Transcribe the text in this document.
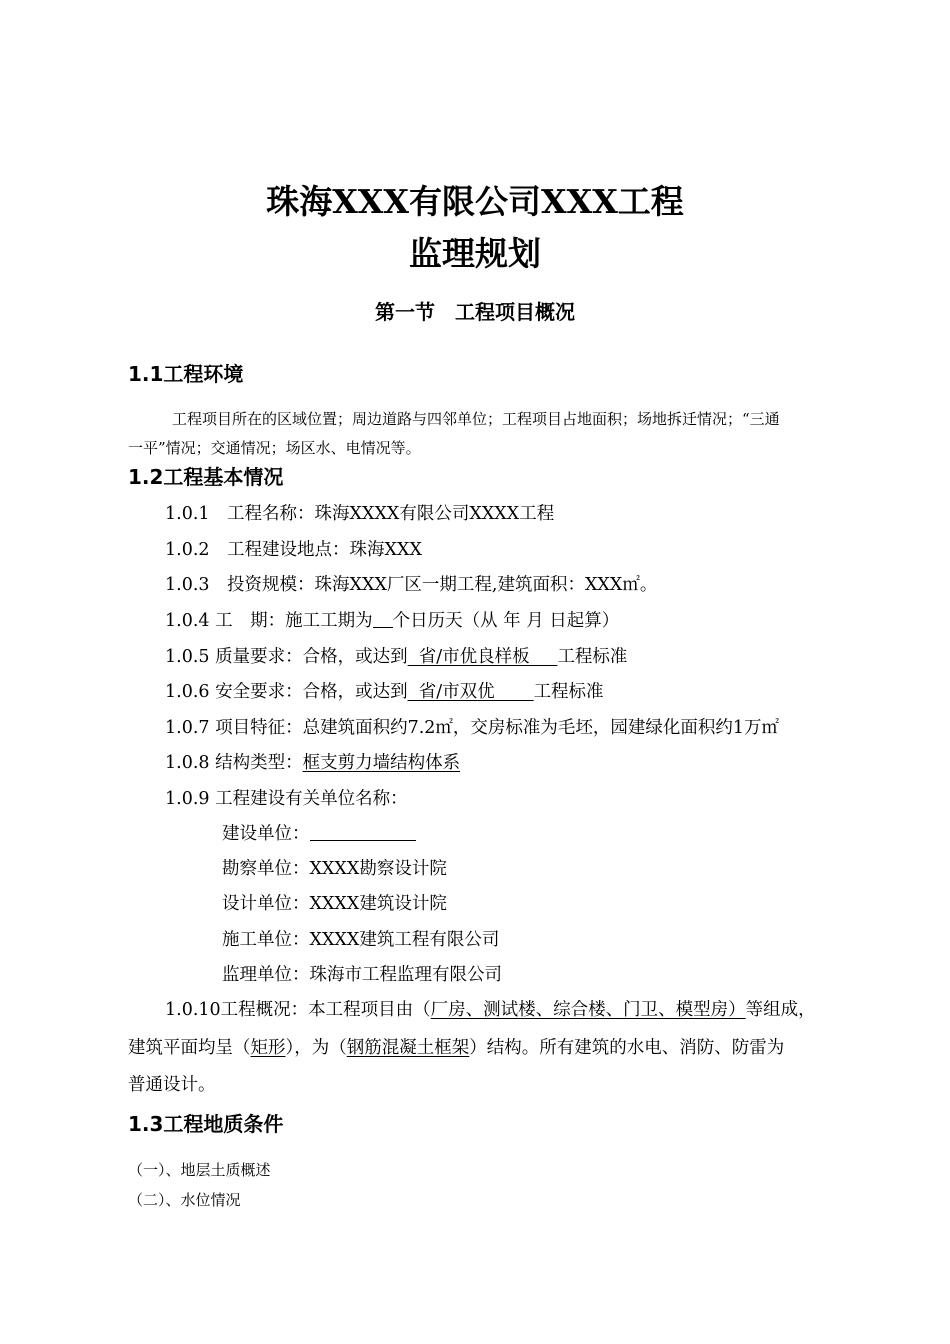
珠海XXX有限公司XXX工程
监理规划
第一节　工程项目概况
1.1工程环境
工程项目所在的区域位置；周边道路与四邻单位；工程项目占地面积；场地拆迁情况；“三通
一平”情况；交通情况；场区水、电情况等。
1.2工程基本情况
1.0.1　工程名称：珠海XXXX有限公司XXXX工程
1.0.2　工程建设地点：珠海XXX
1.0.3　投资规模：珠海XXX厂区一期工程,建筑面积：XXX㎡。
1.0.4 工　期：施工工期为 个日历天（从 年 月 日起算）
1.0.5 质量要求：合格，或达到  省/市优良样板     工程标准
1.0.6 安全要求：合格，或达到  省/市双优       工程标准
1.0.7 项目特征：总建筑面积约7.2㎡，交房标准为毛坯，园建绿化面积约1万㎡
1.0.8 结构类型：框支剪力墙结构体系
1.0.9 工程建设有关单位名称：
建设单位：
勘察单位：XXXX勘察设计院
设计单位：XXXX建筑设计院
施工单位：XXXX建筑工程有限公司
监理单位：珠海市工程监理有限公司
1.0.10工程概况：本工程项目由（厂房、测试楼、综合楼、门卫、模型房）等组成，
建筑平面均呈（矩形），为（钢筋混凝土框架）结构。所有建筑的水电、消防、防雷为
普通设计。
1.3工程地质条件
（一）、地层土质概述
（二）、水位情况
